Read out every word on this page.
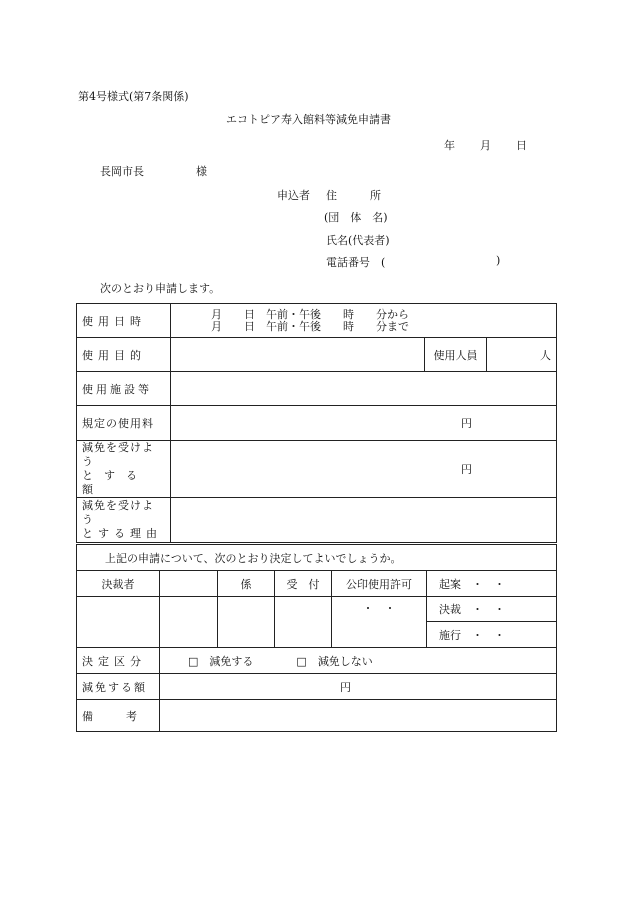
第4号様式(第7条関係)
エコトピア寿入館料等減免申請書
年 月 日
長岡市長	様
申込者 住　　　所
(団　体　名)
氏名(代表者)
電話番号　(	)
次のとおり申請します。
使用日時	月　　日　午前・午後　　時　　分から
月　　日　午前・午後　　時　　分まで		

使用目的		使用人員	人
使用施設等			
規定の使用料	円		

減免を受けよう
とする額	円		

減免を受けよう
とする理由			

上記の申請について、次のとおり決定してよいでしょうか。					
決裁者		係	受　付	公印使用許可	起案　・　・
				・　・	決裁　・　・
					施行　・　・
決定区分	□　 減免する □　 減免しない				
減免する額	円				
備　　　考					
